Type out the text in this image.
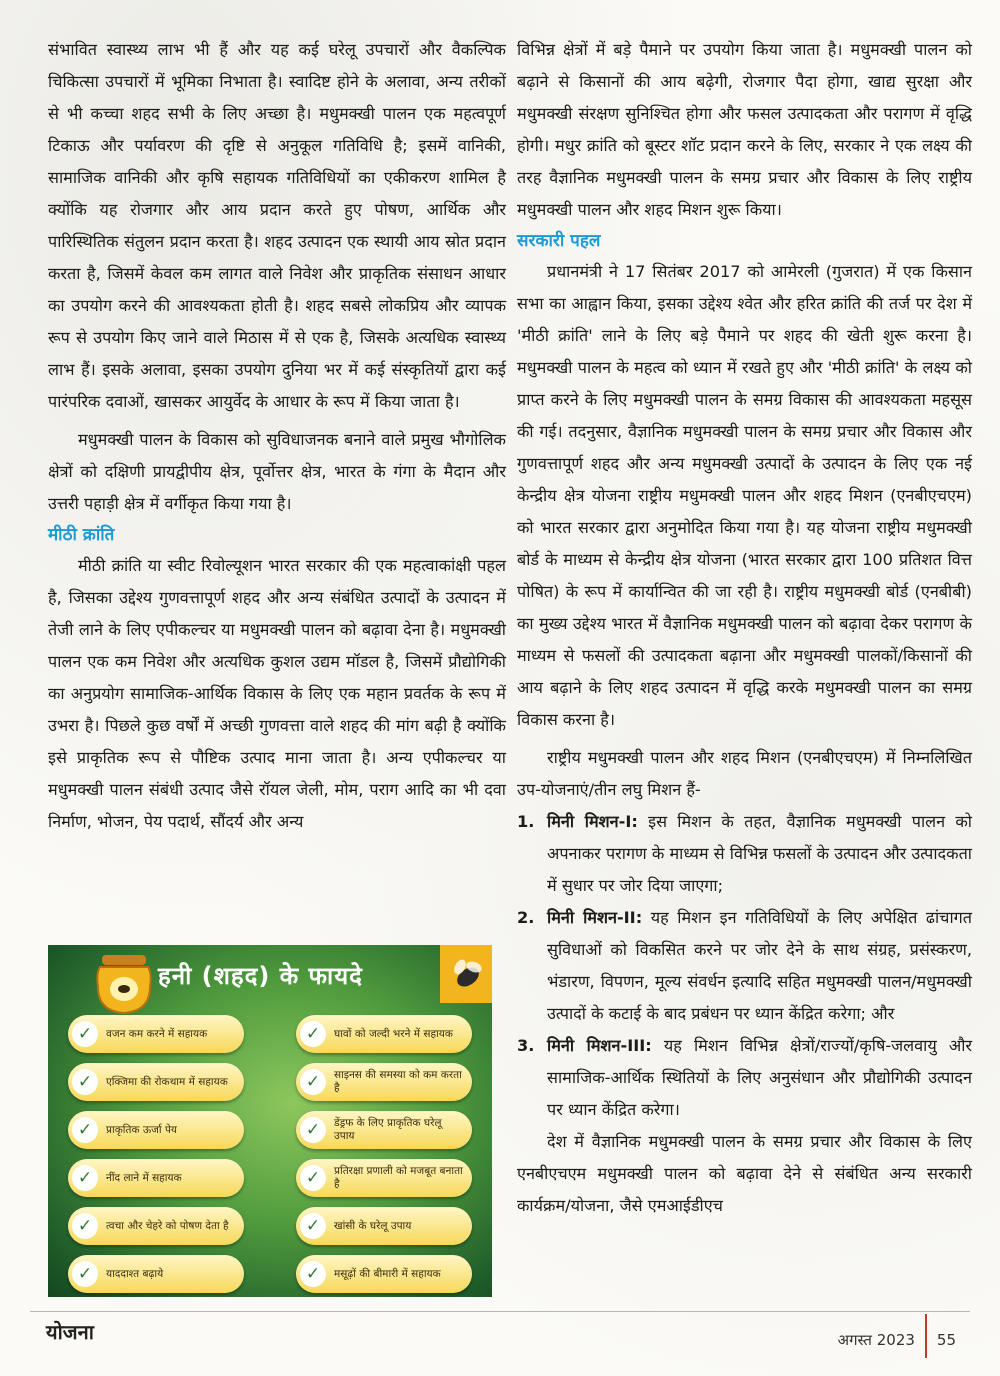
संभावित स्वास्थ्य लाभ भी हैं और यह कई घरेलू उपचारों और वैकल्पिक चिकित्सा उपचारों में भूमिका निभाता है। स्वादिष्ट होने के अलावा, अन्य तरीकों से भी कच्चा शहद सभी के लिए अच्छा है। मधुमक्खी पालन एक महत्वपूर्ण टिकाऊ और पर्यावरण की दृष्टि से अनुकूल गतिविधि है; इसमें वानिकी, सामाजिक वानिकी और कृषि सहायक गतिविधियों का एकीकरण शामिल है क्योंकि यह रोजगार और आय प्रदान करते हुए पोषण, आर्थिक और पारिस्थितिक संतुलन प्रदान करता है। शहद उत्पादन एक स्थायी आय स्रोत प्रदान करता है, जिसमें केवल कम लागत वाले निवेश और प्राकृतिक संसाधन आधार का उपयोग करने की आवश्यकता होती है। शहद सबसे लोकप्रिय और व्यापक रूप से उपयोग किए जाने वाले मिठास में से एक है, जिसके अत्यधिक स्वास्थ्य लाभ हैं। इसके अलावा, इसका उपयोग दुनिया भर में कई संस्कृतियों द्वारा कई पारंपरिक दवाओं, खासकर आयुर्वेद के आधार के रूप में किया जाता है।

मधुमक्खी पालन के विकास को सुविधाजनक बनाने वाले प्रमुख भौगोलिक क्षेत्रों को दक्षिणी प्रायद्वीपीय क्षेत्र, पूर्वोत्तर क्षेत्र, भारत के गंगा के मैदान और उत्तरी पहाड़ी क्षेत्र में वर्गीकृत किया गया है।

मीठी क्रांति

मीठी क्रांति या स्वीट रिवोल्यूशन भारत सरकार की एक महत्वाकांक्षी पहल है, जिसका उद्देश्य गुणवत्तापूर्ण शहद और अन्य संबंधित उत्पादों के उत्पादन में तेजी लाने के लिए एपीकल्चर या मधुमक्खी पालन को बढ़ावा देना है। मधुमक्खी पालन एक कम निवेश और अत्यधिक कुशल उद्यम मॉडल है, जिसमें प्रौद्योगिकी का अनुप्रयोग सामाजिक-आर्थिक विकास के लिए एक महान प्रवर्तक के रूप में उभरा है। पिछले कुछ वर्षों में अच्छी गुणवत्ता वाले शहद की मांग बढ़ी है क्योंकि इसे प्राकृतिक रूप से पौष्टिक उत्पाद माना जाता है। अन्य एपीकल्चर या मधुमक्खी पालन संबंधी उत्पाद जैसे रॉयल जेली, मोम, पराग आदि का भी दवा निर्माण, भोजन, पेय पदार्थ, सौंदर्य और अन्य

हनी (शहद) के फायदे
✓	वजन कम करने में सहायक
✓	एक्जिमा की रोकथाम में सहायक
✓	प्राकृतिक ऊर्जा पेय
✓	नींद लाने में सहायक
✓	त्वचा और चेहरे को पोषण देता है
✓	याददाश्त बढ़ाये
✓	घावों को जल्दी भरने में सहायक
✓	साइनस की समस्या को कम करता है
✓	डेंड्रफ के लिए प्राकृतिक घरेलू उपाय
✓	प्रतिरक्षा प्रणाली को मजबूत बनाता है
✓	खांसी के घरेलू उपाय
✓	मसूढ़ों की बीमारी में सहायक

विभिन्न क्षेत्रों में बड़े पैमाने पर उपयोग किया जाता है। मधुमक्खी पालन को बढ़ाने से किसानों की आय बढ़ेगी, रोजगार पैदा होगा, खाद्य सुरक्षा और मधुमक्खी संरक्षण सुनिश्चित होगा और फसल उत्पादकता और परागण में वृद्धि होगी। मधुर क्रांति को बूस्टर शॉट प्रदान करने के लिए, सरकार ने एक लक्ष्य की तरह वैज्ञानिक मधुमक्खी पालन के समग्र प्रचार और विकास के लिए राष्ट्रीय मधुमक्खी पालन और शहद मिशन शुरू किया।

सरकारी पहल

प्रधानमंत्री ने 17 सितंबर 2017 को आमेरली (गुजरात) में एक किसान सभा का आह्वान किया, इसका उद्देश्य श्वेत और हरित क्रांति की तर्ज पर देश में 'मीठी क्रांति' लाने के लिए बड़े पैमाने पर शहद की खेती शुरू करना है। मधुमक्खी पालन के महत्व को ध्यान में रखते हुए और 'मीठी क्रांति' के लक्ष्य को प्राप्त करने के लिए मधुमक्खी पालन के समग्र विकास की आवश्यकता महसूस की गई। तदनुसार, वैज्ञानिक मधुमक्खी पालन के समग्र प्रचार और विकास और गुणवत्तापूर्ण शहद और अन्य मधुमक्खी उत्पादों के उत्पादन के लिए एक नई केन्द्रीय क्षेत्र योजना राष्ट्रीय मधुमक्खी पालन और शहद मिशन (एनबीएचएम) को भारत सरकार द्वारा अनुमोदित किया गया है। यह योजना राष्ट्रीय मधुमक्खी बोर्ड के माध्यम से केन्द्रीय क्षेत्र योजना (भारत सरकार द्वारा 100 प्रतिशत वित्त पोषित) के रूप में कार्यान्वित की जा रही है। राष्ट्रीय मधुमक्खी बोर्ड (एनबीबी) का मुख्य उद्देश्य भारत में वैज्ञानिक मधुमक्खी पालन को बढ़ावा देकर परागण के माध्यम से फसलों की उत्पादकता बढ़ाना और मधुमक्खी पालकों/किसानों की आय बढ़ाने के लिए शहद उत्पादन में वृद्धि करके मधुमक्खी पालन का समग्र विकास करना है।

राष्ट्रीय मधुमक्खी पालन और शहद मिशन (एनबीएचएम) में निम्नलिखित उप-योजनाएं/तीन लघु मिशन हैं-

1. मिनी मिशन-I: इस मिशन के तहत, वैज्ञानिक मधुमक्खी पालन को अपनाकर परागण के माध्यम से विभिन्न फसलों के उत्पादन और उत्पादकता में सुधार पर जोर दिया जाएगा;
2. मिनी मिशन-II: यह मिशन इन गतिविधियों के लिए अपेक्षित ढांचागत सुविधाओं को विकसित करने पर जोर देने के साथ संग्रह, प्रसंस्करण, भंडारण, विपणन, मूल्य संवर्धन इत्यादि सहित मधुमक्खी पालन/मधुमक्खी उत्पादों के कटाई के बाद प्रबंधन पर ध्यान केंद्रित करेगा; और
3. मिनी मिशन-III: यह मिशन विभिन्न क्षेत्रों/राज्यों/कृषि-जलवायु और सामाजिक-आर्थिक स्थितियों के लिए अनुसंधान और प्रौद्योगिकी उत्पादन पर ध्यान केंद्रित करेगा।

देश में वैज्ञानिक मधुमक्खी पालन के समग्र प्रचार और विकास के लिए एनबीएचएम मधुमक्खी पालन को बढ़ावा देने से संबंधित अन्य सरकारी कार्यक्रम/योजना, जैसे एमआईडीएच

योजना	अगस्त 2023 55
